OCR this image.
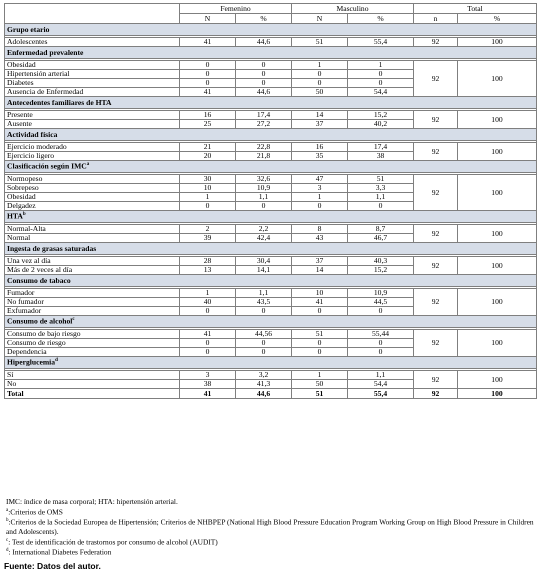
	Femenino		Masculino		Total	
	N	%	N	%	n	%
Grupo etario						

Adolescentes	41	44,6	51	55,4	92	100
Enfermedad prevalente						

Obesidad	0	0	1	1	92	100
Hipertensión arterial	0	0	0	0		
Diabetes	0	0	0	0		
Ausencia de Enfermedad	41	44,6	50	54,4		
Antecedentes familiares de HTA						

Presente	16	17,4	14	15,2	92	100
Ausente	25	27,2	37	40,2		
Actividad física						

Ejercicio moderado	21	22,8	16	17,4	92	100
Ejercicio ligero	20	21,8	35	38		
Clasificación según IMC$^a$

Normopeso	30	32,6	47	51	92	100
Sobrepeso	10	10,9	3	3,3		
Obesidad	1	1,1	1	1,1		
Delgadez	0	0	0	0		
HTA$^b$

Normal-Alta	2	2,2	8	8,7	92	100
Normal	39	42,4	43	46,7		
Ingesta de grasas saturadas						

Una vez al día	28	30,4	37	40,3	92	100
Más de 2 veces al día	13	14,1	14	15,2		
Consumo de tabaco						

Fumador	1	1,1	10	10,9	92	100
No fumador	40	43,5	41	44,5		
Exfumador	0	0	0	0		
Consumo de alcohol$^c$

Consumo de bajo riesgo	41	44,56	51	55,44	92	100
Consumo de riesgo	0	0	0	0		
Dependencia	0	0	0	0		
Hiperglucemia$^d$

Sí	3	3,2	1	1,1	92	100
No	38	41,3	50	54,4		
Total	41	44,6	51	55,4	92	100

IMC: índice de masa corporal; HTA: hipertensión arterial.

$^a$:Criterios de OMS

$^b$:Criterios de la Sociedad Europea de Hipertensión; Criterios de NHBPEP (National High Blood Pressure Education Program Working Group on High Blood Pressure in Children and Adolescents).

$^c$: Test de identificación de trastornos por consumo de alcohol (AUDIT)

$^d$: International Diabetes Federation

Fuente: Datos del autor.
